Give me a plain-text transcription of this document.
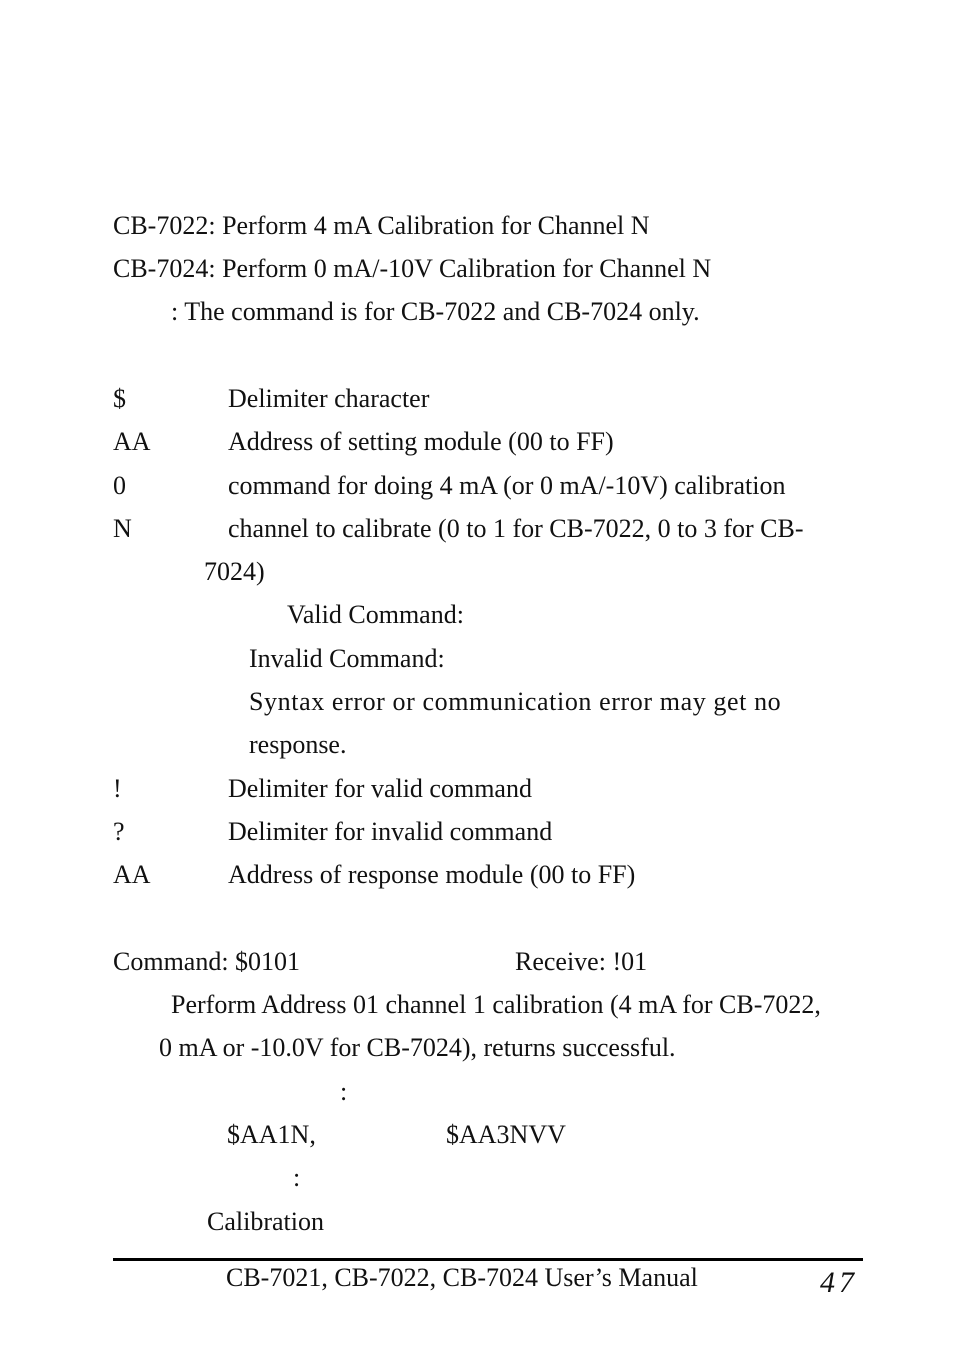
CB-7022: Perform 4 mA Calibration for Channel N
CB-7024: Perform 0 mA/-10V Calibration for Channel N
: The command is for CB-7022 and CB-7024 only.
$	Delimiter character
AA	Address of setting module (00 to FF)
0	command for doing 4 mA (or 0 mA/-10V) calibration
N	channel to calibrate (0 to 1 for CB-7022, 0 to 3 for CB-
7024)
Valid Command:
Invalid Command:
Syntax error or communication error may get no
response.
!	Delimiter for valid command
?	Delimiter for invalid command
AA	Address of response module (00 to FF)
Command: $0101	Receive: !01
Perform Address 01 channel 1 calibration (4 mA for CB-7022,
0 mA or -10.0V for CB-7024), returns successful.
:
$AA1N,	$AA3NVV
:
Calibration
CB-7021, CB-7022, CB-7024 User’s Manual	47
